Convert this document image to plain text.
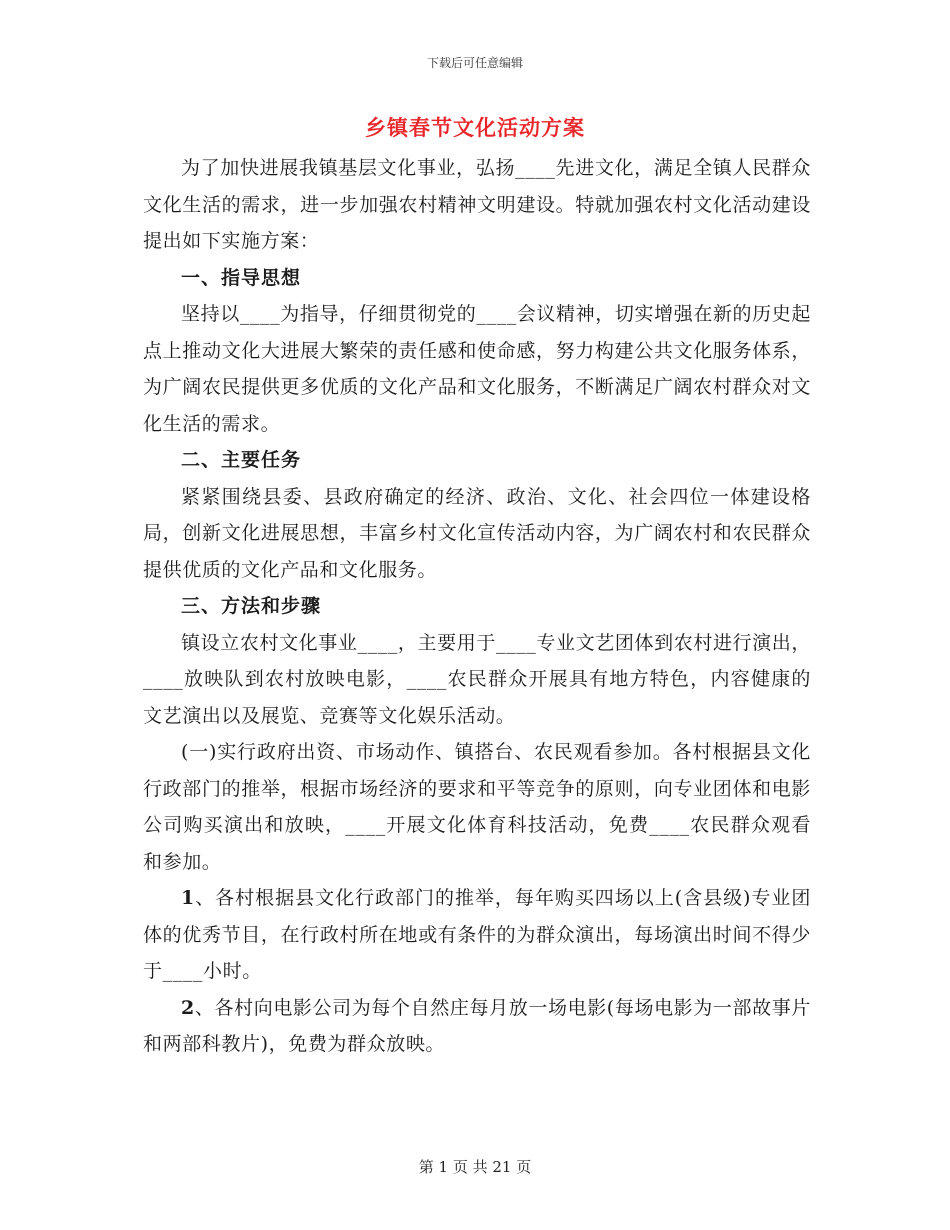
下载后可任意编辑
乡镇春节文化活动方案

为了加快进展我镇基层文化事业，弘扬____先进文化，满足全镇人民群众文化生活的需求，进一步加强农村精神文明建设。特就加强农村文化活动建设提出如下实施方案：

一、指导思想

坚持以____为指导，仔细贯彻党的____会议精神，切实增强在新的历史起点上推动文化大进展大繁荣的责任感和使命感，努力构建公共文化服务体系，为广阔农民提供更多优质的文化产品和文化服务，不断满足广阔农村群众对文化生活的需求。

二、主要任务

紧紧围绕县委、县政府确定的经济、政治、文化、社会四位一体建设格局，创新文化进展思想，丰富乡村文化宣传活动内容，为广阔农村和农民群众提供优质的文化产品和文化服务。

三、方法和步骤

镇设立农村文化事业____，主要用于____专业文艺团体到农村进行演出，____放映队到农村放映电影，____农民群众开展具有地方特色，内容健康的文艺演出以及展览、竞赛等文化娱乐活动。

(一)实行政府出资、市场动作、镇搭台、农民观看参加。各村根据县文化行政部门的推举，根据市场经济的要求和平等竞争的原则，向专业团体和电影公司购买演出和放映，____开展文化体育科技活动，免费____农民群众观看和参加。

1、各村根据县文化行政部门的推举，每年购买四场以上(含县级)专业团体的优秀节目，在行政村所在地或有条件的为群众演出，每场演出时间不得少于____小时。

2、各村向电影公司为每个自然庄每月放一场电影(每场电影为一部故事片和两部科教片)，免费为群众放映。

第 1 页 共 21 页
